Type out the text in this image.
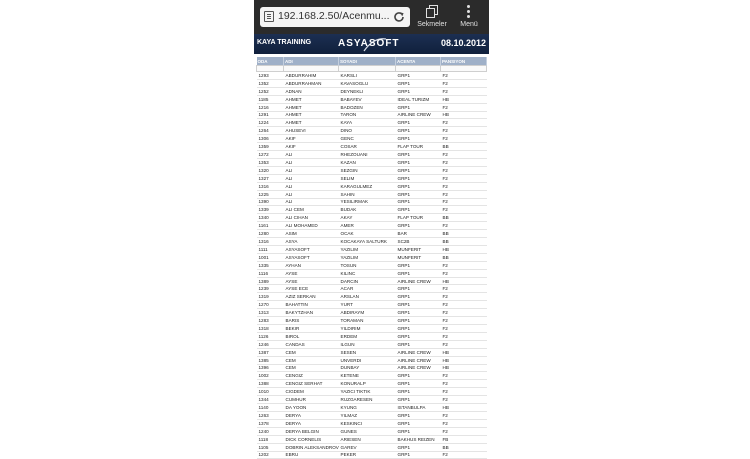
192.168.2.50/Acenmu...
Sekmeler	Menü
KAYA TRAINING	ASYASOFT	08.10.2012
ODA	ADI	SOYADI	ACENTA	PANSIYON

1293	ABDURRAHIM	KARSLI	GRP1	F2
1352	ABDURRAHMAN	KAVASOGLU	GRP1	F2
1252	ADNAN	DEYNEKLI	GRP1	F2
1185	AHMET	BABAYEV	IDEAL TURIZM	HB
1216	AHMET	BADOZEN	GRP1	F2
1291	AHMET	TARON	AIRLINE CREW	HB
1224	AHMET	KAYA	GRP1	F2
1264	AHUSEVI	DINO	GRP1	F2
1306	AKIF	GENC	GRP1	F2
1359	AKIF	COSAR	FLAP TOUR	BB
1272	ALI	RHEZOUANI	GRP1	F2
1353	ALI	KAZAN	GRP1	F2
1320	ALI	SEZGIN	GRP1	F2
1327	ALI	SELIM	GRP1	F2
1316	ALI	KARAGULMEZ	GRP1	F2
1225	ALI	SAHIN	GRP1	F2
1390	ALI	YESILIRMAK	GRP1	F2
1339	ALI CEM	BUDAK	GRP1	F2
1340	ALI CIHAN	AKAY	FLAP TOUR	BB
1161	ALI MOHAMED	AMER	GRP1	F2
1280	ASIM	OCAK	BAR	BB
1316	ASYA	KOCAKAYA SALTURK	SC2B	BB
1111	ASYASOFT	YAZILIM	MUNFERIT	HB
1001	ASYASOFT	YAZILIM	MUNFERIT	BB
1335	AYHAN	TOSUN	GRP1	F2
1116	AYSE	KILINC	GRP1	F2
1389	AYSE	DARCIN	AIRLINE CREW	HB
1239	AYSE ECE	ACAR	GRP1	F2
1319	AZIZ SERKAN	ARSLAN	GRP1	F2
1270	BAHATTIN	YURT	GRP1	F2
1313	BAKYTZHAN	ABDIRAYM	GRP1	F2
1283	BARIS	TORAMAN	GRP1	F2
1318	BEKIR	YILDIRIM	GRP1	F2
1126	BIROL	ERDEM	GRP1	F2
1246	CANDAS	ILGUN	GRP1	F2
1387	CEM	SESEN	AIRLINE CREW	HB
1385	CEM	UNVERDI	AIRLINE CREW	HB
1396	CEM	DUNBAY	AIRLINE CREW	HB
1002	CENGIZ	KETENE	GRP1	F2
1388	CENGIZ SERHAT	KONURALP	GRP1	F2
1010	CIGDEM	YAZICI TIKTIK	GRP1	F2
1344	CUMHUR	RUZGARESEN	GRP1	F2
1140	DA YOON	KYUNG	ISTANBULPA	HB
1263	DERYA	YILMAZ	GRP1	F2
1378	DERYA	KESKINCI	GRP1	F2
1240	DERYA BELGIN	GUNES	GRP1	F2
1118	DICK CORNELIS	ARIESEN	BAKHUS REIZEN	FB
1105	DOBRIN ALEKSANDROV	GAREV	GRP1	BB
1202	EBRU	PEKER	GRP1	F2
